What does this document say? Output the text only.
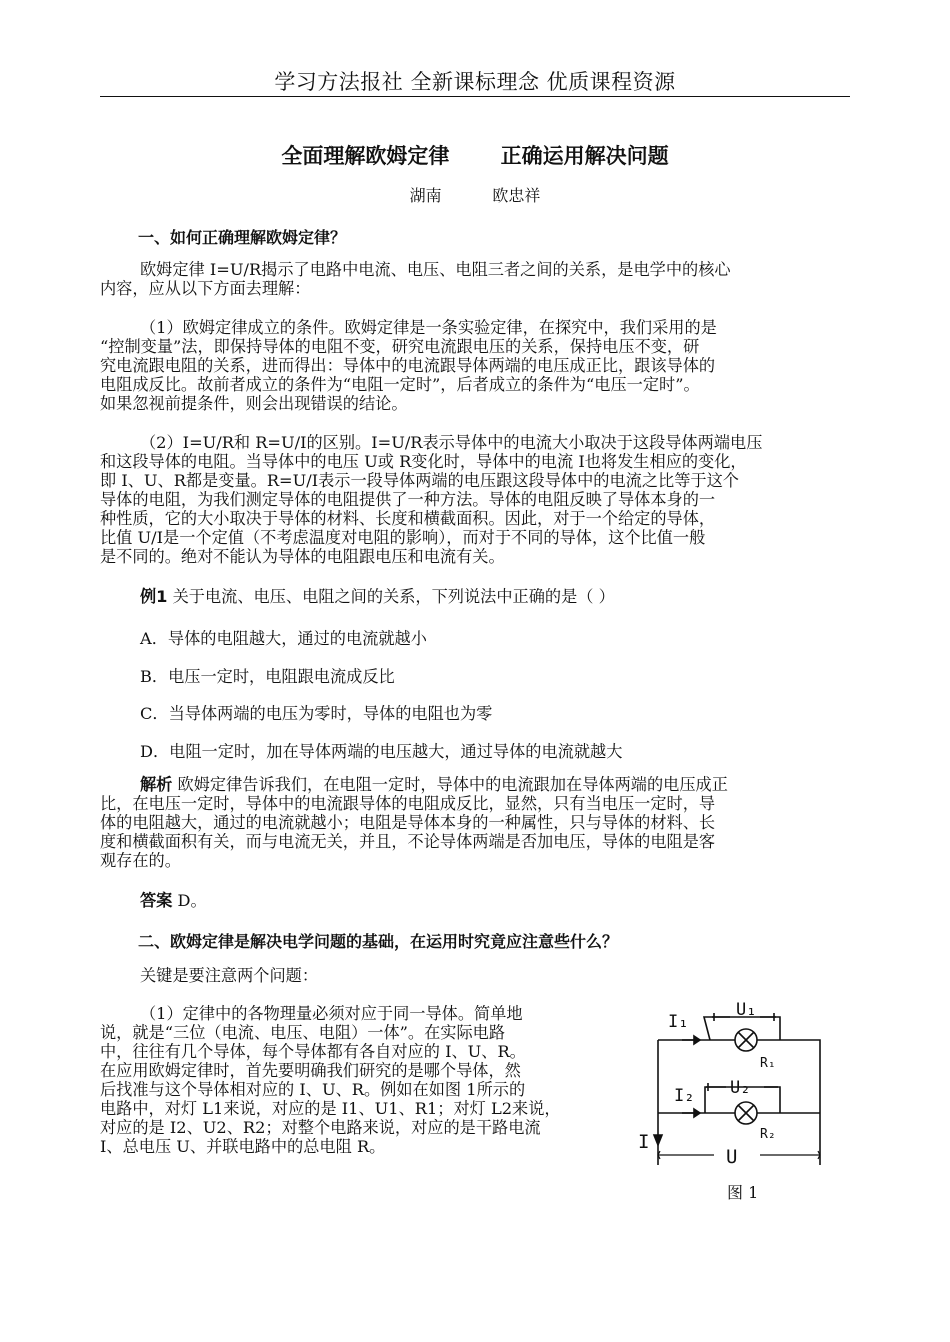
学习方法报社 全新课标理念 优质课程资源
全面理解欧姆定律       正确运用解决问题
湖南          欧忠祥
一、如何正确理解欧姆定律？
欧姆定律 I=U/R揭示了电路中电流、电压、电阻三者之间的关系，是电学中的核心
内容，应从以下方面去理解：
（1）欧姆定律成立的条件。欧姆定律是一条实验定律，在探究中，我们采用的是
“控制变量”法，即保持导体的电阻不变，研究电流跟电压的关系，保持电压不变，研
究电流跟电阻的关系，进而得出：导体中的电流跟导体两端的电压成正比，跟该导体的
电阻成反比。故前者成立的条件为“电阻一定时”，后者成立的条件为“电压一定时”。
如果忽视前提条件，则会出现错误的结论。
（2）I=U/R和 R=U/I的区别。I=U/R表示导体中的电流大小取决于这段导体两端电压
和这段导体的电阻。当导体中的电压 U或 R变化时，导体中的电流 I也将发生相应的变化，
即 I、U、R都是变量。R=U/I表示一段导体两端的电压跟这段导体中的电流之比等于这个
导体的电阻，为我们测定导体的电阻提供了一种方法。导体的电阻反映了导体本身的一
种性质，它的大小取决于导体的材料、长度和横截面积。因此，对于一个给定的导体，
比值 U/I是一个定值（不考虑温度对电阻的影响），而对于不同的导体，这个比值一般
是不同的。绝对不能认为导体的电阻跟电压和电流有关。
例1 关于电流、电压、电阻之间的关系，下列说法中正确的是（ ）
A．导体的电阻越大，通过的电流就越小
B．电压一定时，电阻跟电流成反比
C．当导体两端的电压为零时，导体的电阻也为零
D．电阻一定时，加在导体两端的电压越大，通过导体的电流就越大
解析 欧姆定律告诉我们，在电阻一定时，导体中的电流跟加在导体两端的电压成正
比，在电压一定时，导体中的电流跟导体的电阻成反比，显然，只有当电压一定时，导
体的电阻越大，通过的电流就越小；电阻是导体本身的一种属性，只与导体的材料、长
度和横截面积有关，而与电流无关，并且，不论导体两端是否加电压，导体的电阻是客
观存在的。
答案 D。
二、欧姆定律是解决电学问题的基础，在运用时究竟应注意些什么？
关键是要注意两个问题：
（1）定律中的各物理量必须对应于同一导体。简单地
说，就是“三位（电流、电压、电阻）一体”。在实际电路
中，往往有几个导体，每个导体都有各自对应的 I、U、R。
在应用欧姆定律时，首先要明确我们研究的是哪个导体，然
后找准与这个导体相对应的 I、U、R。例如在如图 1所示的
电路中，对灯 L1来说，对应的是 I1、U1、R1；对灯 L2来说，
对应的是 I2、U2、R2；对整个电路来说，对应的是干路电流
I、总电压 U、并联电路中的总电阻 R。
I₁
U₁
R₁
I₂ U₂
R₂
I
U
图 1
